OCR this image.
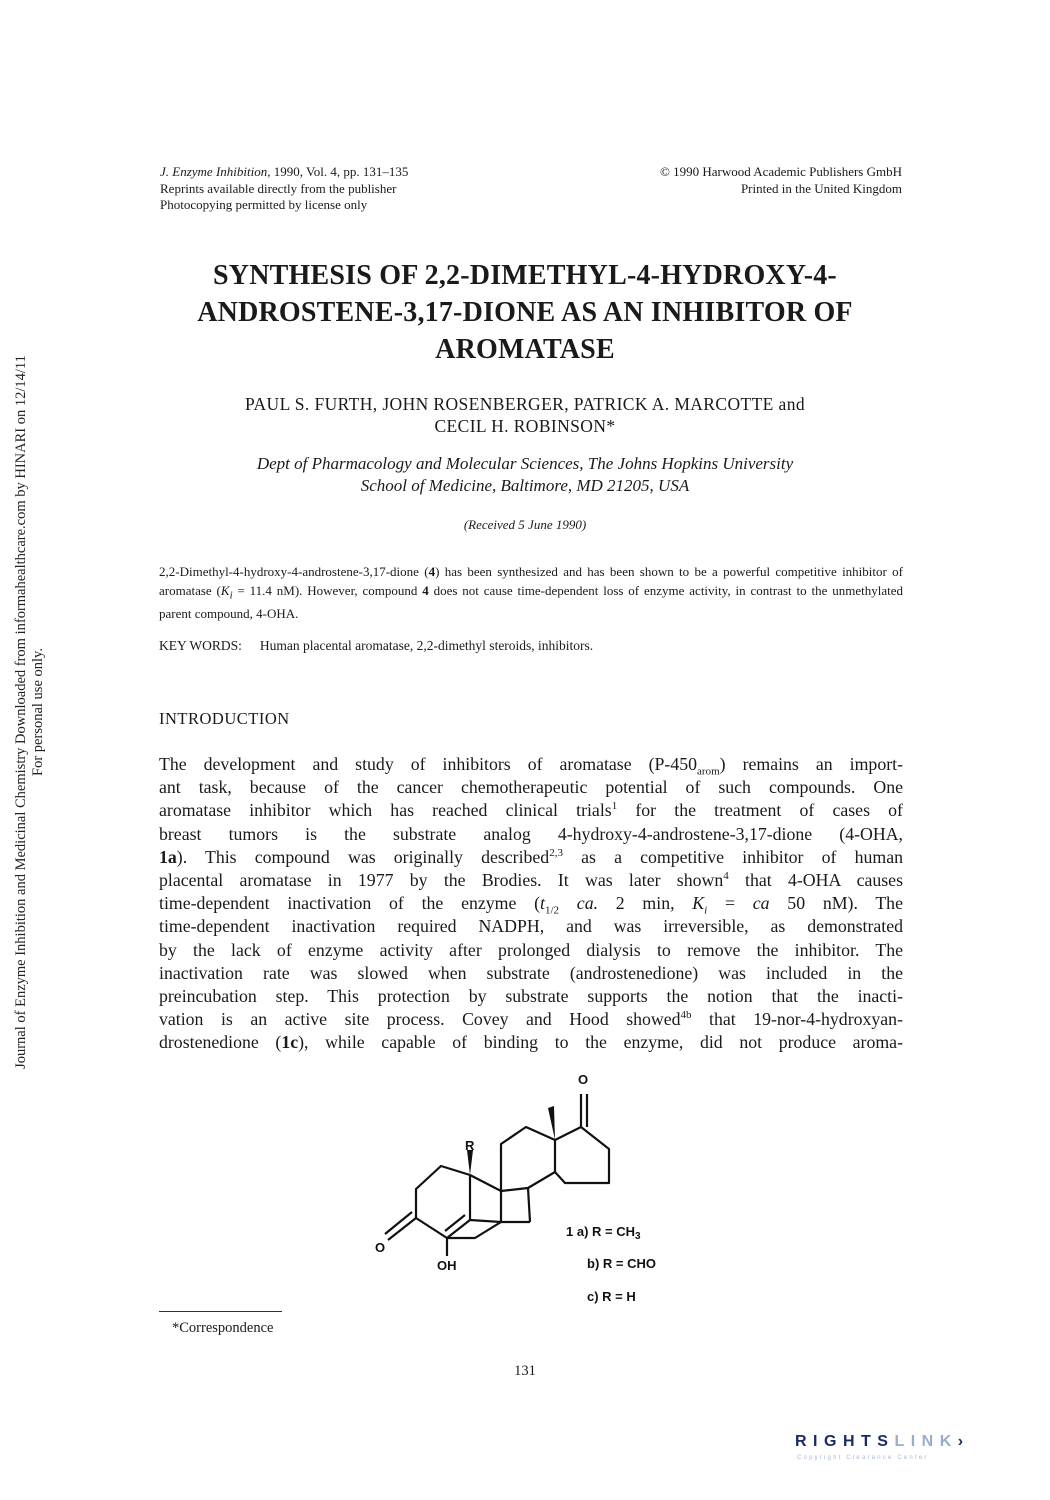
Journal of Enzyme Inhibition and Medicinal Chemistry Downloaded from informahealthcare.com by HINARI on 12/14/11 For personal use only.
J. Enzyme Inhibition, 1990, Vol. 4, pp. 131–135
Reprints available directly from the publisher
Photocopying permitted by license only
© 1990 Harwood Academic Publishers GmbH
Printed in the United Kingdom
SYNTHESIS OF 2,2-DIMETHYL-4-HYDROXY-4-
ANDROSTENE-3,17-DIONE AS AN INHIBITOR OF
AROMATASE
PAUL S. FURTH, JOHN ROSENBERGER, PATRICK A. MARCOTTE and
CECIL H. ROBINSON*
Dept of Pharmacology and Molecular Sciences, The Johns Hopkins University
School of Medicine, Baltimore, MD 21205, USA
(Received 5 June 1990)
2,2-Dimethyl-4-hydroxy-4-androstene-3,17-dione (4) has been synthesized and has been shown to be a powerful competitive inhibitor of aromatase ($K_i = 11.4$ nM). However, compound 4 does not cause time-dependent loss of enzyme activity, in contrast to the unmethylated parent compound, 4-OHA.
KEY WORDS: Human placental aromatase, 2,2-dimethyl steroids, inhibitors.
INTRODUCTION
The development and study of inhibitors of aromatase $(P-450_{arom})$ remains an import-
ant task, because of the cancer chemotherapeutic potential of such compounds. One
aromatase inhibitor which has reached clinical trials$^1$ for the treatment of cases of
breast tumors is the substrate analog 4-hydroxy-4-androstene-3,17-dione (4-OHA,
1a). This compound was originally described$^{2,3}$ as a competitive inhibitor of human
placental aromatase in 1977 by the Brodies. It was later shown$^4$ that 4-OHA causes
time-dependent inactivation of the enzyme ($t_{1/2}$ ca. 2 min, $K_i$ = ca 50 nM). The
time-dependent inactivation required NADPH, and was irreversible, as demonstrated
by the lack of enzyme activity after prolonged dialysis to remove the inhibitor. The
inactivation rate was slowed when substrate (androstenedione) was included in the
preincubation step. This protection by substrate supports the notion that the inacti-
vation is an active site process. Covey and Hood showed$^{4b}$ that 19-nor-4-hydroxyan-
drostenedione (1c), while capable of binding to the enzyme, did not produce aroma-
O
R
O
OH
1 a) $R = CH_3$
b) R = CHO
c) R = H
*Correspondence
131
RIGHTSLINK›
Copyright Clearance Center
